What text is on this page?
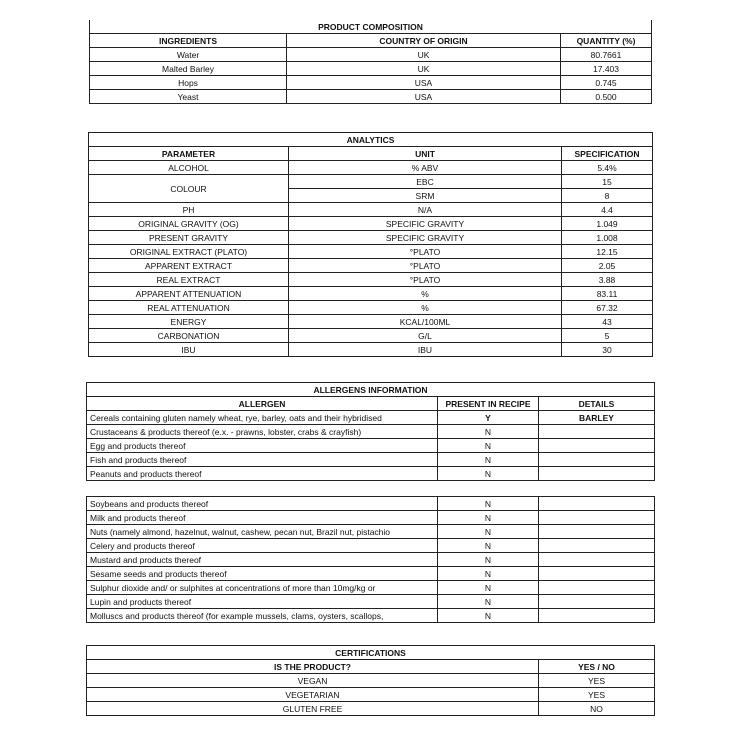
PRODUCT COMPOSITION		
INGREDIENTS	COUNTRY OF ORIGIN	QUANTITY (%)
Water	UK	80.7661
Malted Barley	UK	17.403
Hops	USA	0.745
Yeast	USA	0.500
ANALYTICS		
PARAMETER	UNIT	SPECIFICATION
ALCOHOL	% ABV	5.4%
COLOUR	EBC	15
	SRM	8
PH	N/A	4.4
ORIGINAL GRAVITY (OG)	SPECIFIC GRAVITY	1.049
PRESENT GRAVITY	SPECIFIC GRAVITY	1.008
ORIGINAL EXTRACT (PLATO)	°PLATO	12.15
APPARENT EXTRACT	°PLATO	2.05
REAL EXTRACT	°PLATO	3.88
APPARENT ATTENUATION	%	83.11
REAL ATTENUATION	%	67.32
ENERGY	KCAL/100ML	43
CARBONATION	G/L	5
IBU	IBU	30
ALLERGENS INFORMATION		
ALLERGEN	PRESENT IN RECIPE	DETAILS
Cereals containing gluten namely wheat, rye, barley, oats and their hybridised	Y	BARLEY
Crustaceans & products thereof (e.x. - prawns, lobster, crabs & crayfish)	N	
Egg and products thereof	N	
Fish and products thereof	N	
Peanuts and products thereof	N	
Soybeans and products thereof	N	
Milk and products thereof	N	
Nuts (namely almond, hazelnut, walnut, cashew, pecan nut, Brazil nut, pistachio	N	
Celery and products thereof	N	
Mustard and products thereof	N	
Sesame seeds and products thereof	N	
Sulphur dioxide and/ or sulphites at concentrations of more than 10mg/kg or	N	
Lupin and products thereof	N	
Molluscs and products thereof (for example mussels, clams, oysters, scallops,	N	
CERTIFICATIONS	
IS THE PRODUCT?	YES / NO
VEGAN	YES
VEGETARIAN	YES
GLUTEN FREE	NO
